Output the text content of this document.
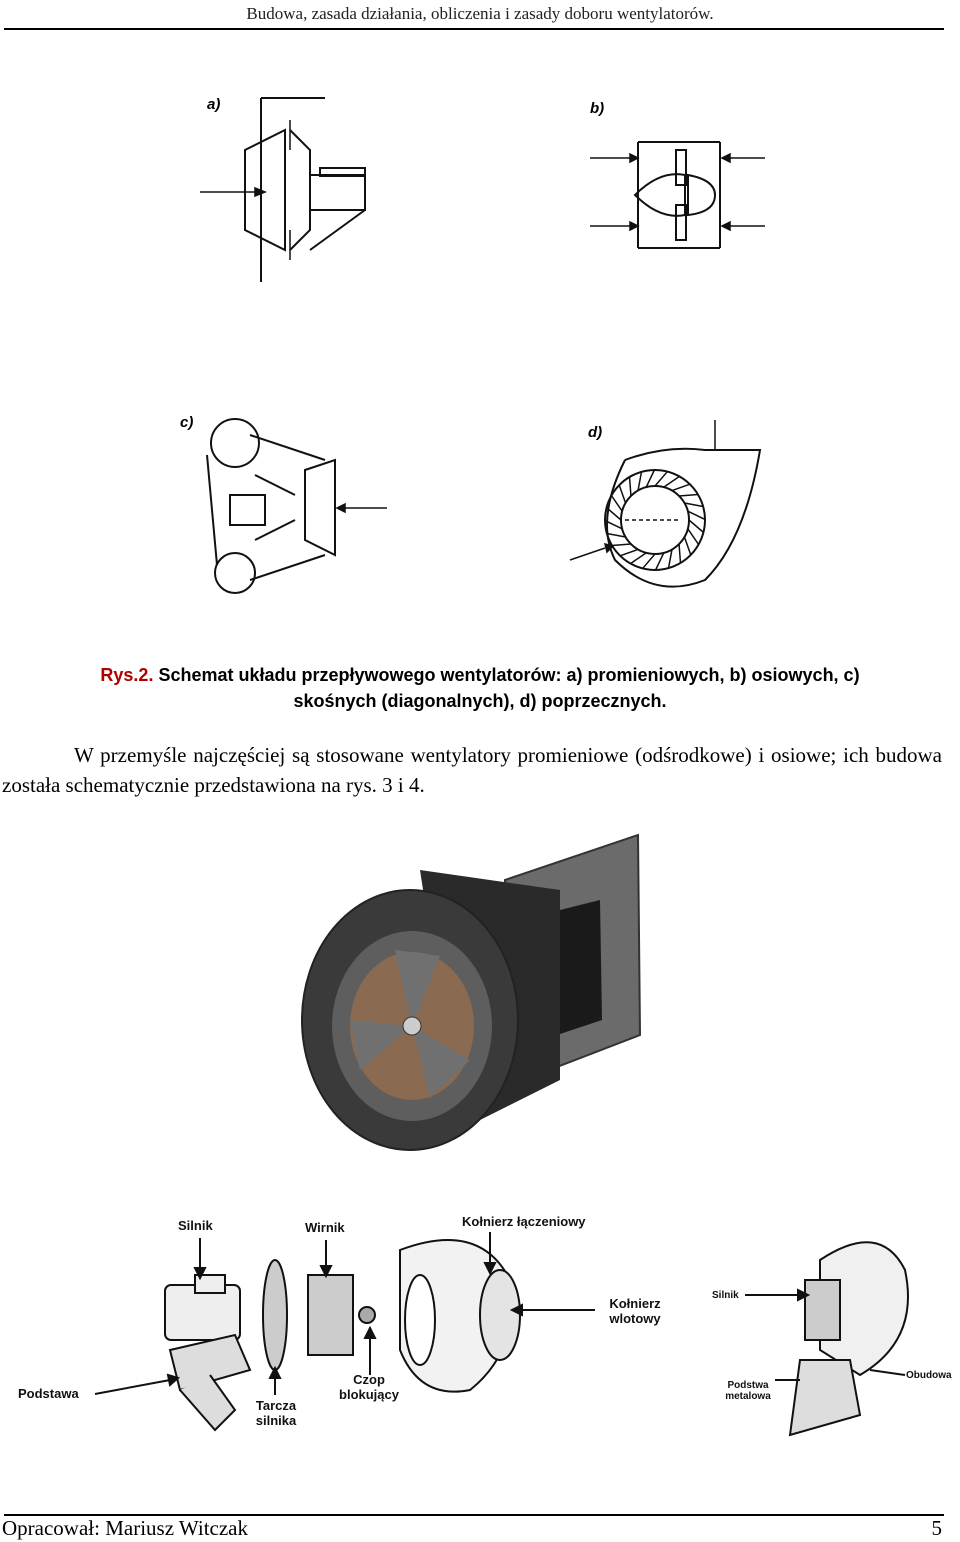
Budowa, zasada działania, obliczenia i zasady doboru wentylatorów.
a)	b)
c)
d)
Rys.2. Schemat układu przepływowego wentylatorów: a) promieniowych, b) osiowych, c)
skośnych (diagonalnych), d) poprzecznych.
W przemyśle najczęściej są stosowane wentylatory promieniowe (odśrodkowe) i osiowe; ich budowa została schematycznie przedstawiona na rys. 3 i 4.
Silnik	Wirnik	Kołnierz łączeniowy
Kołnierz wlotowy
Podstawa
Tarcza silnika
Czop blokujący
Silnik
Podstwa metalowa
Obudowa
Opracował: Mariusz Witczak	5
